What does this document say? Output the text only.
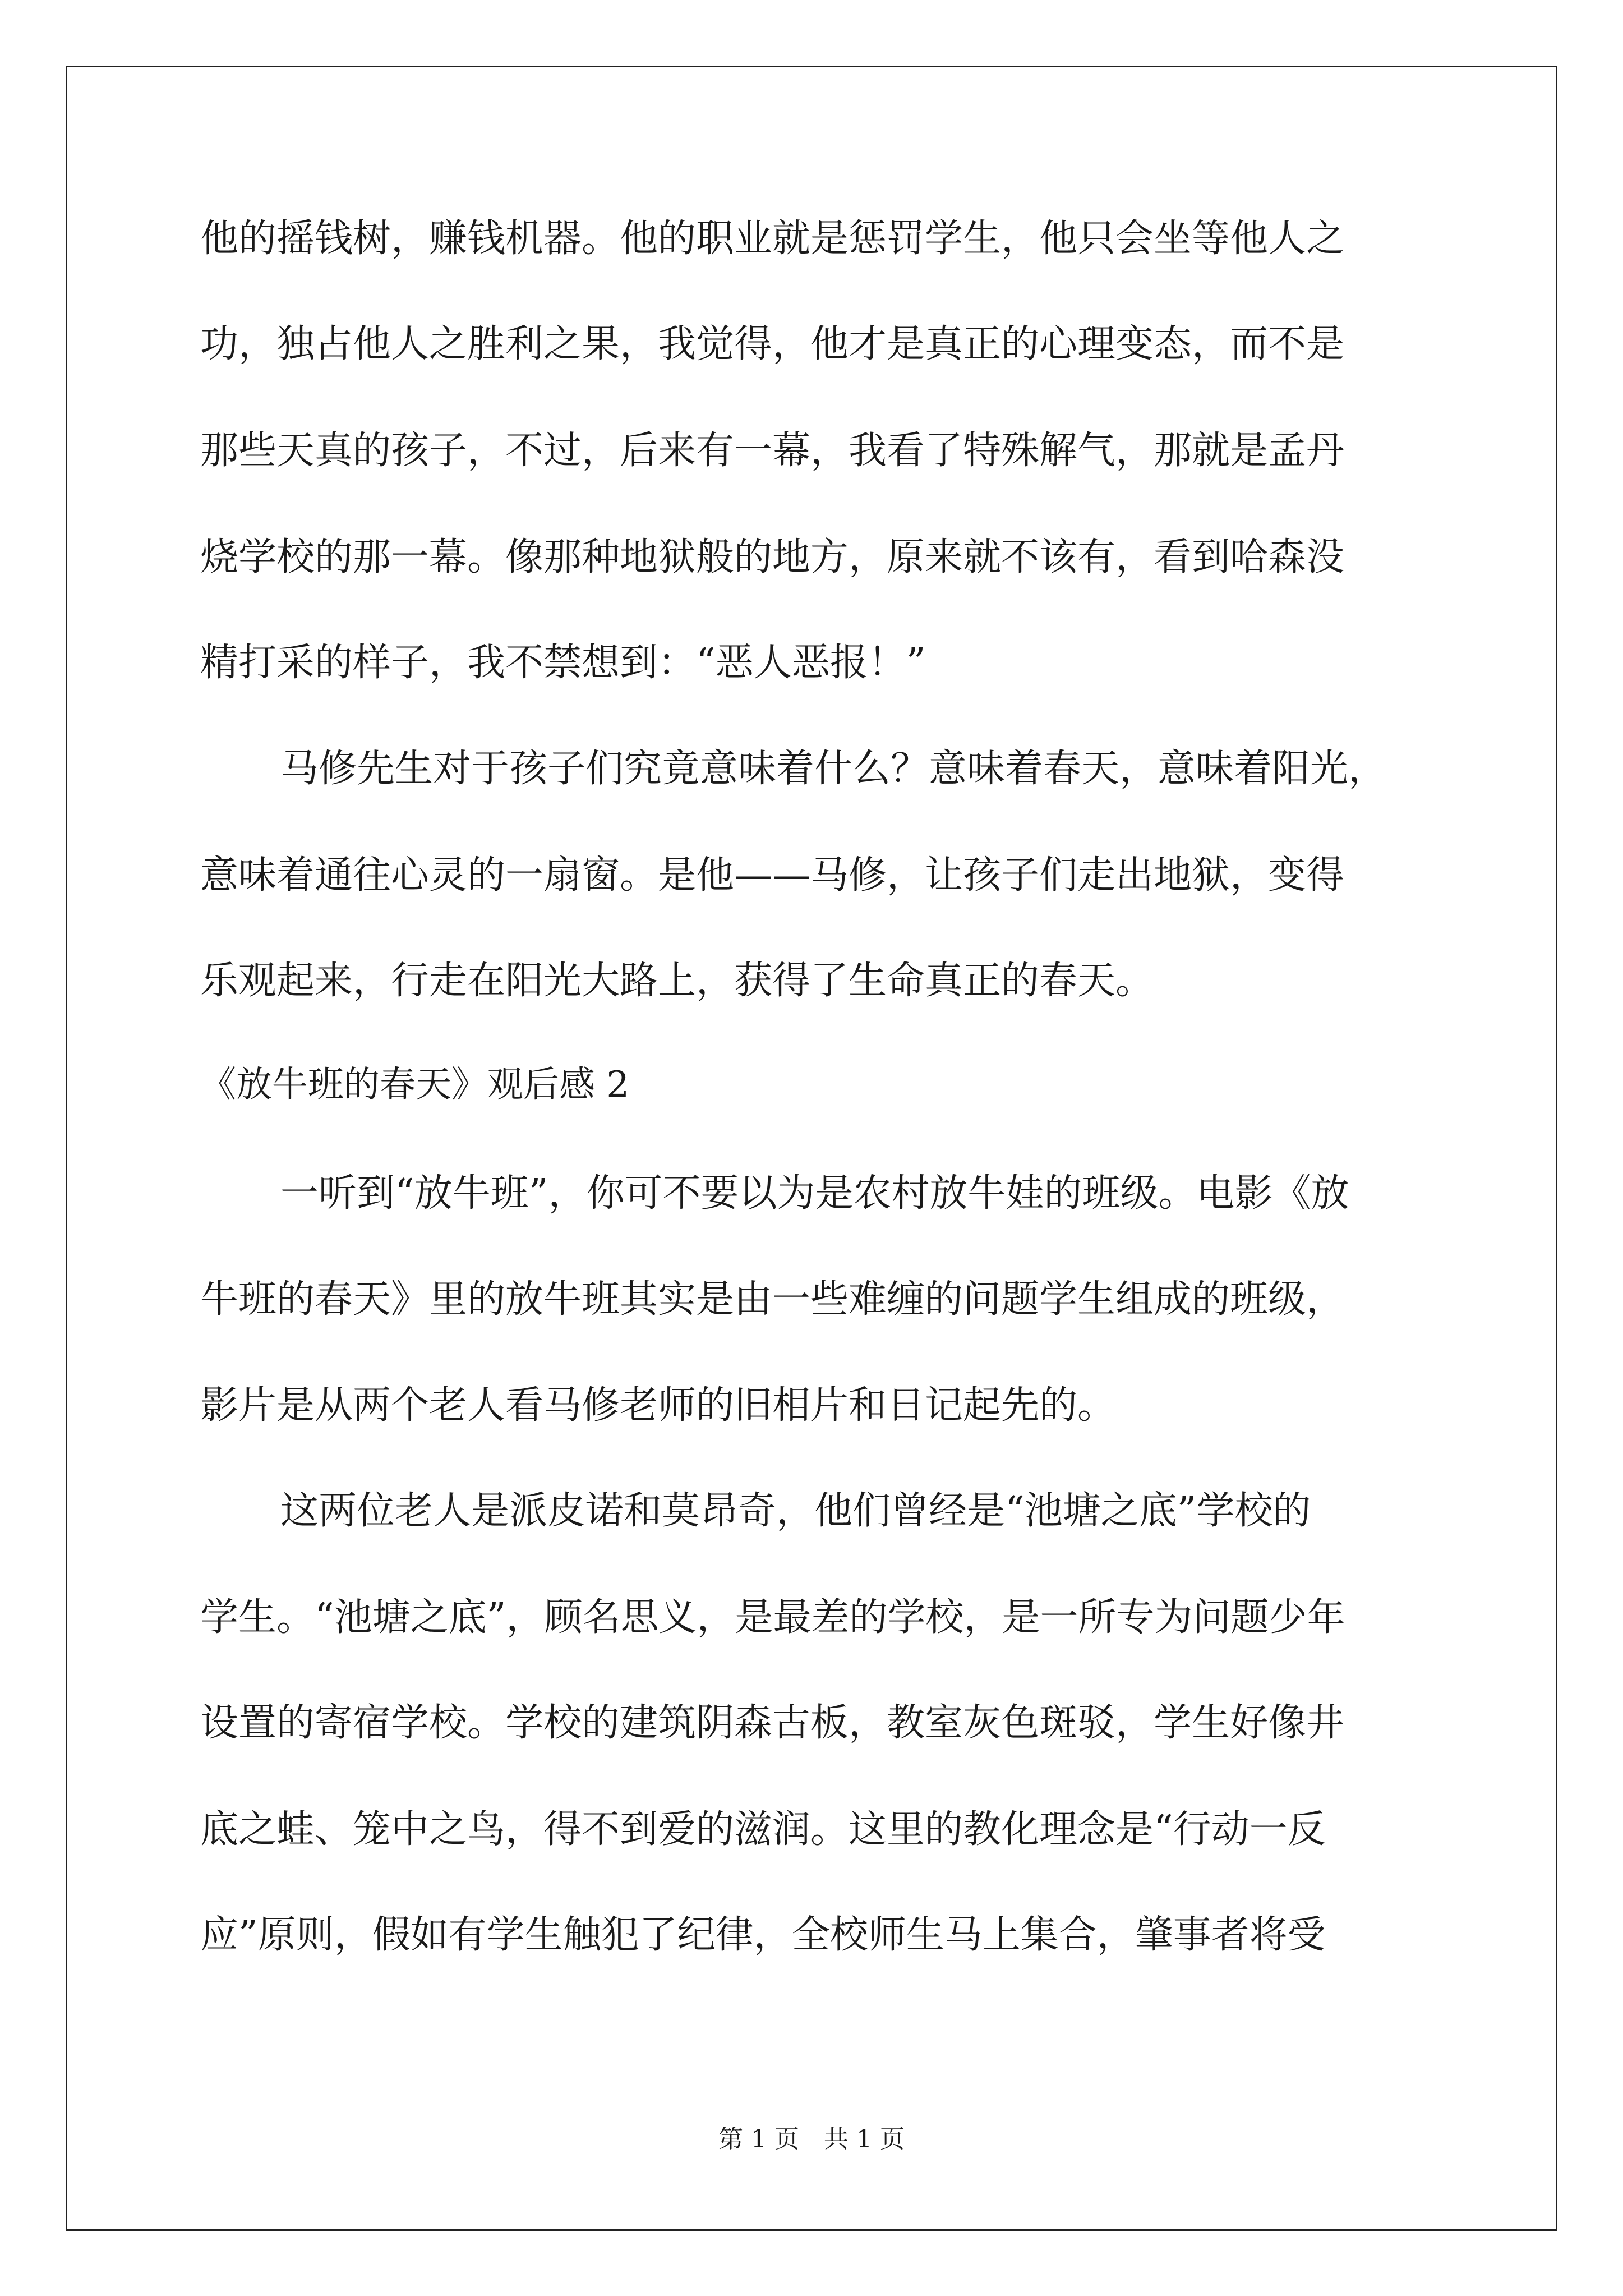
他的摇钱树，赚钱机器。他的职业就是惩罚学生，他只会坐等他人之
功，独占他人之胜利之果，我觉得，他才是真正的心理变态，而不是
那些天真的孩子，不过，后来有一幕，我看了特殊解气，那就是孟丹
烧学校的那一幕。像那种地狱般的地方，原来就不该有，看到哈森没
精打采的样子，我不禁想到：“恶人恶报！”
马修先生对于孩子们究竟意味着什么？意味着春天，意味着阳光，
意味着通往心灵的一扇窗。是他——马修，让孩子们走出地狱，变得
乐观起来，行走在阳光大路上，获得了生命真正的春天。
《放牛班的春天》观后感 2
一听到“放牛班”，你可不要以为是农村放牛娃的班级。电影《放
牛班的春天》里的放牛班其实是由一些难缠的问题学生组成的班级，
影片是从两个老人看马修老师的旧相片和日记起先的。
这两位老人是派皮诺和莫昂奇，他们曾经是“池塘之底”学校的
学生。“池塘之底”，顾名思义，是最差的学校，是一所专为问题少年
设置的寄宿学校。学校的建筑阴森古板，教室灰色斑驳，学生好像井
底之蛙、笼中之鸟，得不到爱的滋润。这里的教化理念是“行动一反
应”原则，假如有学生触犯了纪律，全校师生马上集合，肇事者将受
第 1 页　共 1 页
